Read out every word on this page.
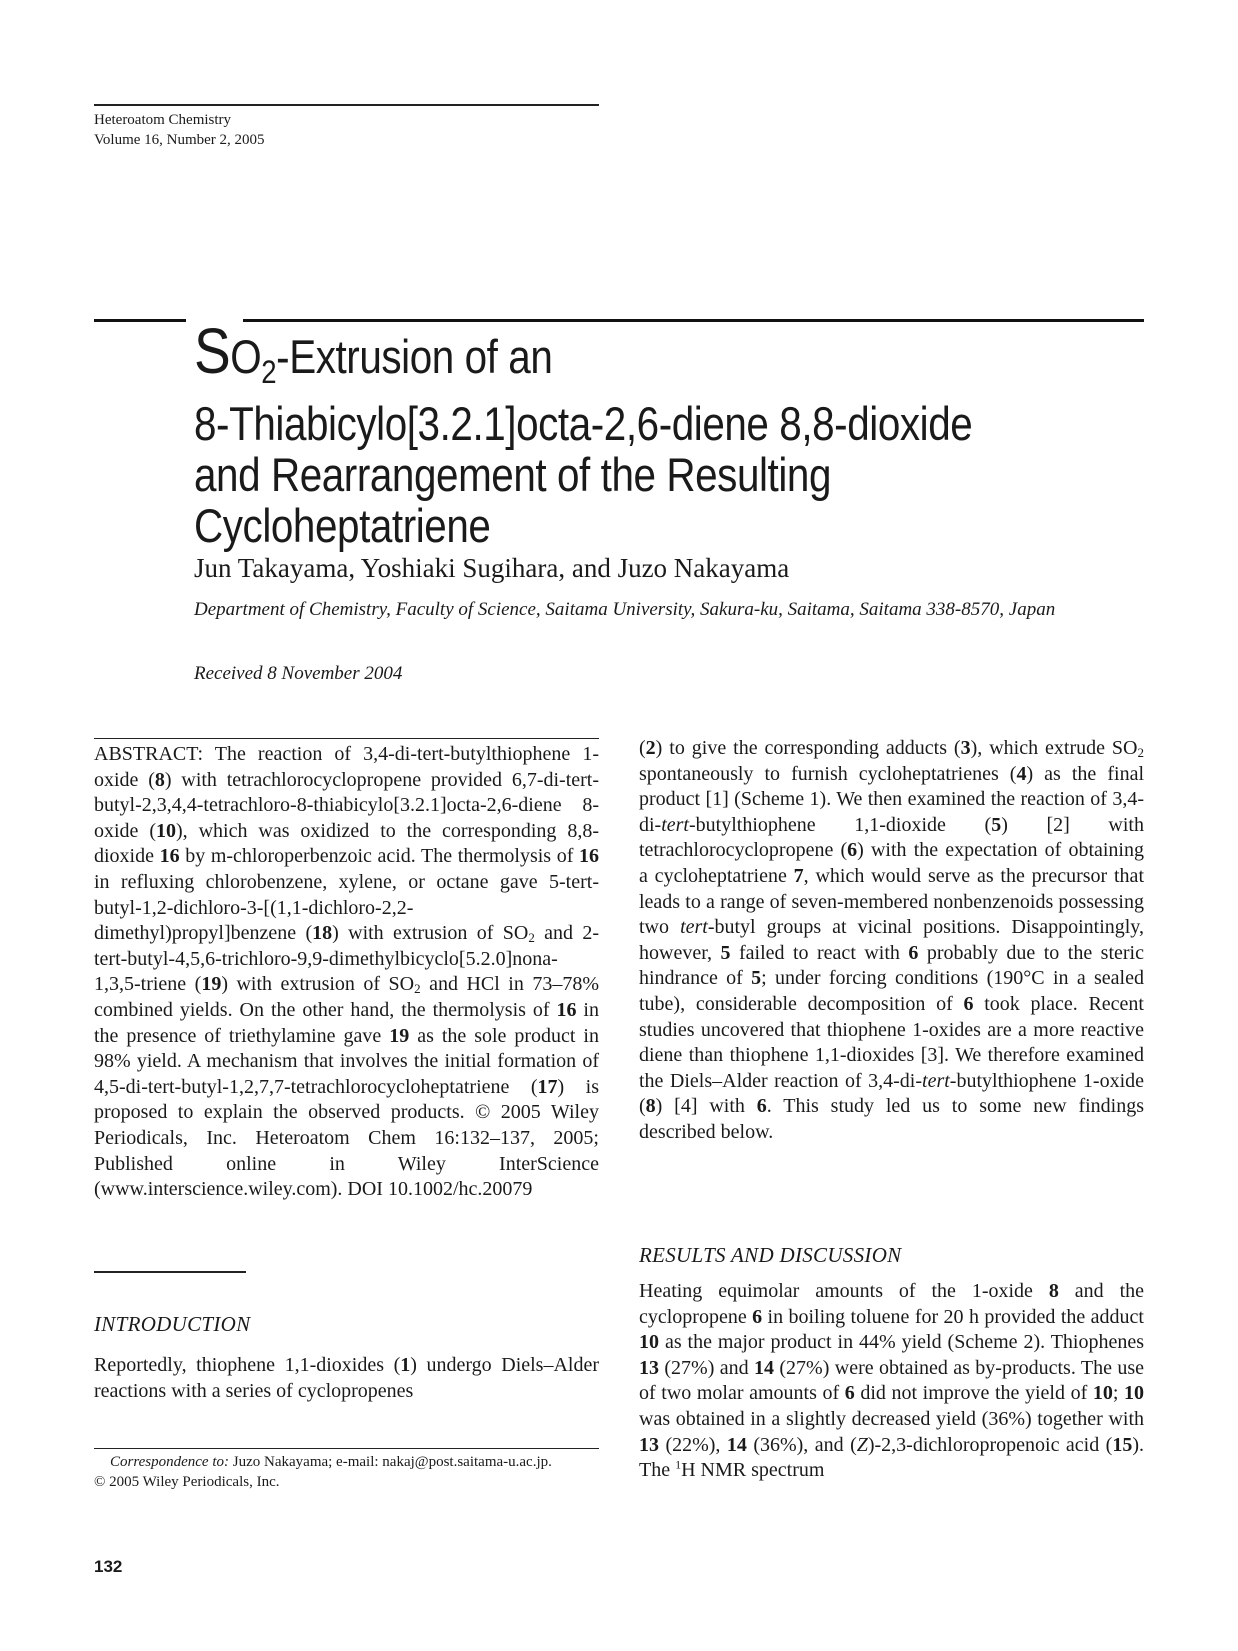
Heteroatom Chemistry
Volume 16, Number 2, 2005
$SO_2$-Extrusion of an
8-Thiabicylo[3.2.1]octa-2,6-diene 8,8-dioxide
and Rearrangement of the Resulting
Cycloheptatriene
Jun Takayama, Yoshiaki Sugihara, and Juzo Nakayama
Department of Chemistry, Faculty of Science, Saitama University, Sakura-ku, Saitama, Saitama 338-8570, Japan
Received 8 November 2004
ABSTRACT: The reaction of 3,4-di-tert-butylthiophene 1-oxide (8) with tetrachlorocyclopropene provided 6,7-di-tert-butyl-2,3,4,4-tetrachloro-8-thiabicylo[3.2.1]octa-2,6-diene 8-oxide (10), which was oxidized to the corresponding 8,8-dioxide 16 by m-chloroperbenzoic acid. The thermolysis of 16 in refluxing chlorobenzene, xylene, or octane gave 5-tert-butyl-1,2-dichloro-3-[(1,1-dichloro-2,2-dimethyl)propyl]benzene (18) with extrusion of SO2 and 2-tert-butyl-4,5,6-trichloro-9,9-dimethylbicyclo[5.2.0]nona-1,3,5-triene (19) with extrusion of SO2 and HCl in 73–78% combined yields. On the other hand, the thermolysis of 16 in the presence of triethylamine gave 19 as the sole product in 98% yield. A mechanism that involves the initial formation of 4,5-di-tert-butyl-1,2,7,7-tetrachlorocycloheptatriene (17) is proposed to explain the observed products. © 2005 Wiley Periodicals, Inc. Heteroatom Chem 16:132–137, 2005; Published online in Wiley InterScience (www.interscience.wiley.com). DOI 10.1002/hc.20079
INTRODUCTION
Reportedly, thiophene 1,1-dioxides (1) undergo Diels–Alder reactions with a series of cyclopropenes
Correspondence to: Juzo Nakayama; e-mail: nakaj@post.saitama-u.ac.jp.
© 2005 Wiley Periodicals, Inc.
(2) to give the corresponding adducts (3), which extrude SO2 spontaneously to furnish cycloheptatrienes (4) as the final product [1] (Scheme 1). We then examined the reaction of 3,4-di-tert-butylthiophene 1,1-dioxide (5) [2] with tetrachlorocyclopropene (6) with the expectation of obtaining a cycloheptatriene 7, which would serve as the precursor that leads to a range of seven-membered nonbenzenoids possessing two tert-butyl groups at vicinal positions. Disappointingly, however, 5 failed to react with 6 probably due to the steric hindrance of 5; under forcing conditions (190°C in a sealed tube), considerable decomposition of 6 took place. Recent studies uncovered that thiophene 1-oxides are a more reactive diene than thiophene 1,1-dioxides [3]. We therefore examined the Diels–Alder reaction of 3,4-di-tert-butylthiophene 1-oxide (8) [4] with 6. This study led us to some new findings described below.
RESULTS AND DISCUSSION
Heating equimolar amounts of the 1-oxide 8 and the cyclopropene 6 in boiling toluene for 20 h provided the adduct 10 as the major product in 44% yield (Scheme 2). Thiophenes 13 (27%) and 14 (27%) were obtained as by-products. The use of two molar amounts of 6 did not improve the yield of 10; 10 was obtained in a slightly decreased yield (36%) together with 13 (22%), 14 (36%), and (Z)-2,3-dichloropropenoic acid (15). The $^1$H NMR spectrum
132
